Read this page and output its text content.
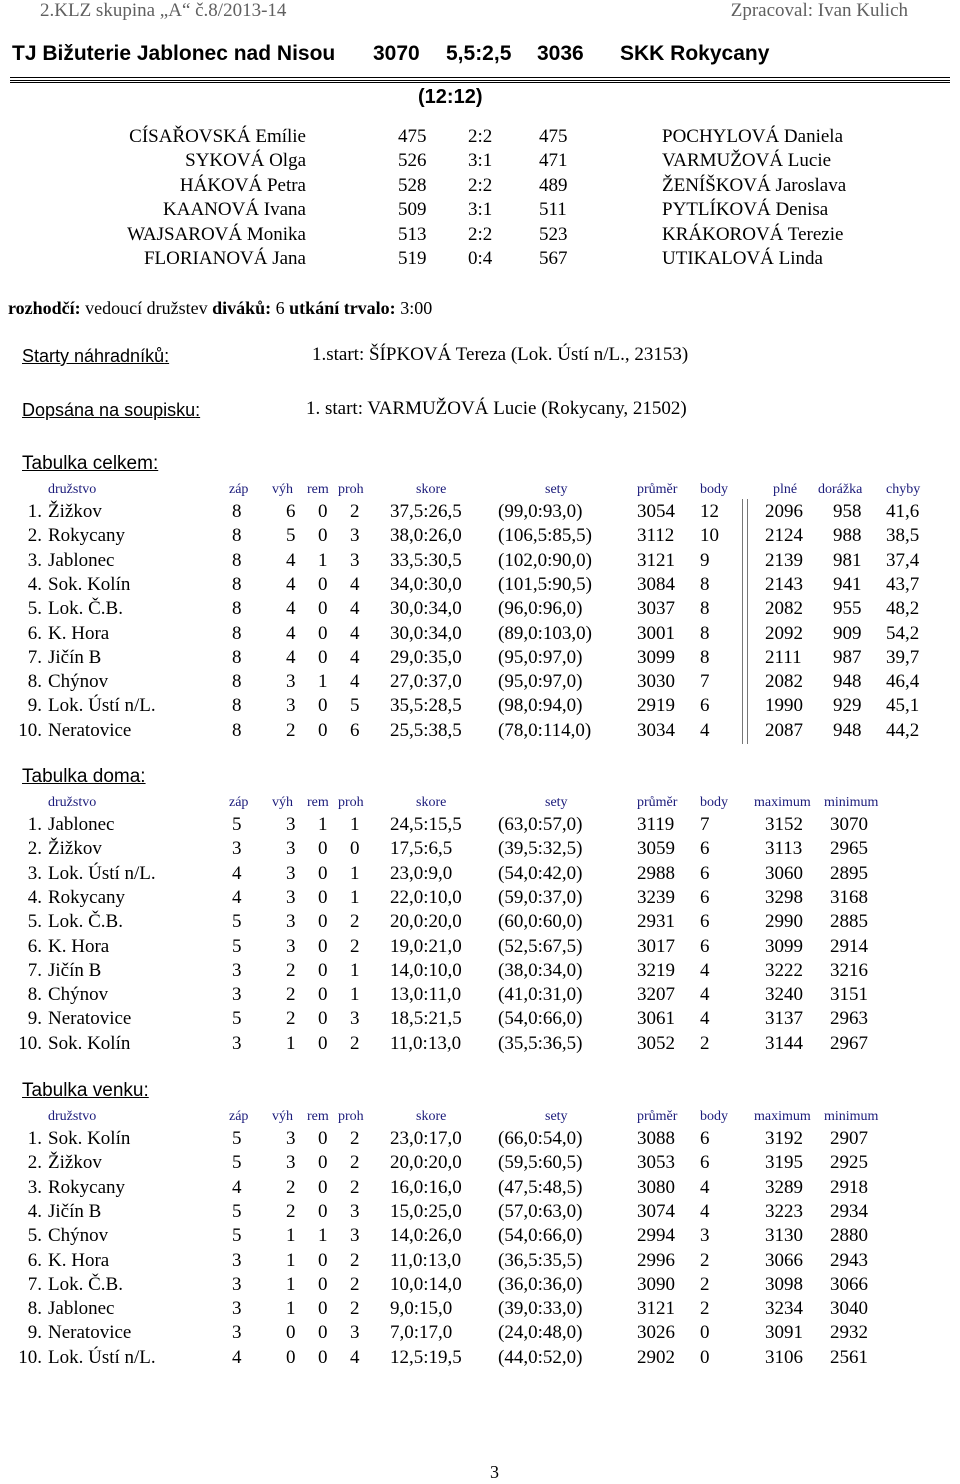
2.KLZ skupina „A“ č.8/2013-14	Zpracoval: Ivan Kulich
TJ Bižuterie Jablonec nad Nisou 3070 5,5:2,5 3036 SKK Rokycany
(12:12)
CÍSAŘOVSKÁ Emílie	475 2:2 475	POCHYLOVÁ Daniela
SYKOVÁ Olga	526 3:1 471	VARMUŽOVÁ Lucie
HÁKOVÁ Petra	528 2:2 489	ŽENÍŠKOVÁ Jaroslava
KAANOVÁ Ivana	509 3:1 511	PYTLÍKOVÁ Denisa
WAJSAROVÁ Monika	513 2:2 523	KRÁKOROVÁ Terezie
FLORIANOVÁ Jana	519 0:4 567	UTIKALOVÁ Linda
rozhodčí: vedoucí družstev diváků: 6 utkání trvalo: 3:00
Starty náhradníků:	1.start: ŠÍPKOVÁ Tereza (Lok. Ústí n/L., 23153)
Dopsána na soupisku:	1. start: VARMUŽOVÁ Lucie (Rokycany, 21502)
Tabulka celkem:
družstvo	záp výh rem proh	skore	sety	průměr body	plné dorážka chyby
1. Žižkov	8 6 0 2 37,5:26,5 (99,0:93,0)	3054 12 2096 958 41,6
2. Rokycany	8 5 0 3 38,0:26,0 (106,5:85,5) 3112 10 2124 988 38,5
3. Jablonec	8 4 1 3 33,5:30,5 (102,0:90,0) 3121 9	2139 981 37,4
4. Sok. Kolín	8 4 0 4 34,0:30,0 (101,5:90,5) 3084 8	2143 941 43,7
5. Lok. Č.B.	8 4 0 4 30,0:34,0 (96,0:96,0)	3037 8	2082 955 48,2
6. K. Hora	8 4 0 4 30,0:34,0 (89,0:103,0) 3001 8	2092 909 54,2
7. Jičín B	8 4 0 4 29,0:35,0 (95,0:97,0)	3099 8	2111 987 39,7
8. Chýnov	8 3 1 4 27,0:37,0 (95,0:97,0)	3030 7	2082 948 46,4
9. Lok. Ústí n/L.	8 3 0 5 35,5:28,5 (98,0:94,0)	2919 6	1990 929 45,1
10. Neratovice	8 2 0 6 25,5:38,5 (78,0:114,0) 3034 4	2087 948 44,2
Tabulka doma:
družstvo	záp výh rem proh	skore	sety	průměr body maximum minimum
1. Jablonec	5 3 1 1 24,5:15,5 (63,0:57,0)	3119 7	3152 3070
2. Žižkov	3 3 0 0 17,5:6,5 (39,5:32,5)	3059 6	3113 2965
3. Lok. Ústí n/L.	4 3 0 1 23,0:9,0 (54,0:42,0)	2988 6	3060 2895
4. Rokycany	4 3 0 1 22,0:10,0 (59,0:37,0)	3239 6	3298 3168
5. Lok. Č.B.	5 3 0 2 20,0:20,0 (60,0:60,0)	2931 6	2990 2885
6. K. Hora	5 3 0 2 19,0:21,0 (52,5:67,5)	3017 6	3099 2914
7. Jičín B	3 2 0 1 14,0:10,0 (38,0:34,0)	3219 4	3222 3216
8. Chýnov	3 2 0 1 13,0:11,0 (41,0:31,0)	3207 4	3240 3151
9. Neratovice	5 2 0 3 18,5:21,5 (54,0:66,0)	3061 4	3137 2963
10. Sok. Kolín	3 1 0 2 11,0:13,0 (35,5:36,5)	3052 2	3144 2967
Tabulka venku:
družstvo	záp výh rem proh	skore	sety	průměr body maximum minimum
1. Sok. Kolín	5 3 0 2 23,0:17,0 (66,0:54,0)	3088 6	3192 2907
2. Žižkov	5 3 0 2 20,0:20,0 (59,5:60,5)	3053 6	3195 2925
3. Rokycany	4 2 0 2 16,0:16,0 (47,5:48,5)	3080 4	3289 2918
4. Jičín B	5 2 0 3 15,0:25,0 (57,0:63,0)	3074 4	3223 2934
5. Chýnov	5 1 1 3 14,0:26,0 (54,0:66,0)	2994 3	3130 2880
6. K. Hora	3 1 0 2 11,0:13,0 (36,5:35,5)	2996 2	3066 2943
7. Lok. Č.B.	3 1 0 2 10,0:14,0 (36,0:36,0)	3090 2	3098 3066
8. Jablonec	3 1 0 2 9,0:15,0 (39,0:33,0)	3121 2	3234 3040
9. Neratovice	3 0 0 3 7,0:17,0 (24,0:48,0)	3026 0	3091 2932
10. Lok. Ústí n/L.	4 0 0 4 12,5:19,5 (44,0:52,0)	2902 0	3106 2561
3
